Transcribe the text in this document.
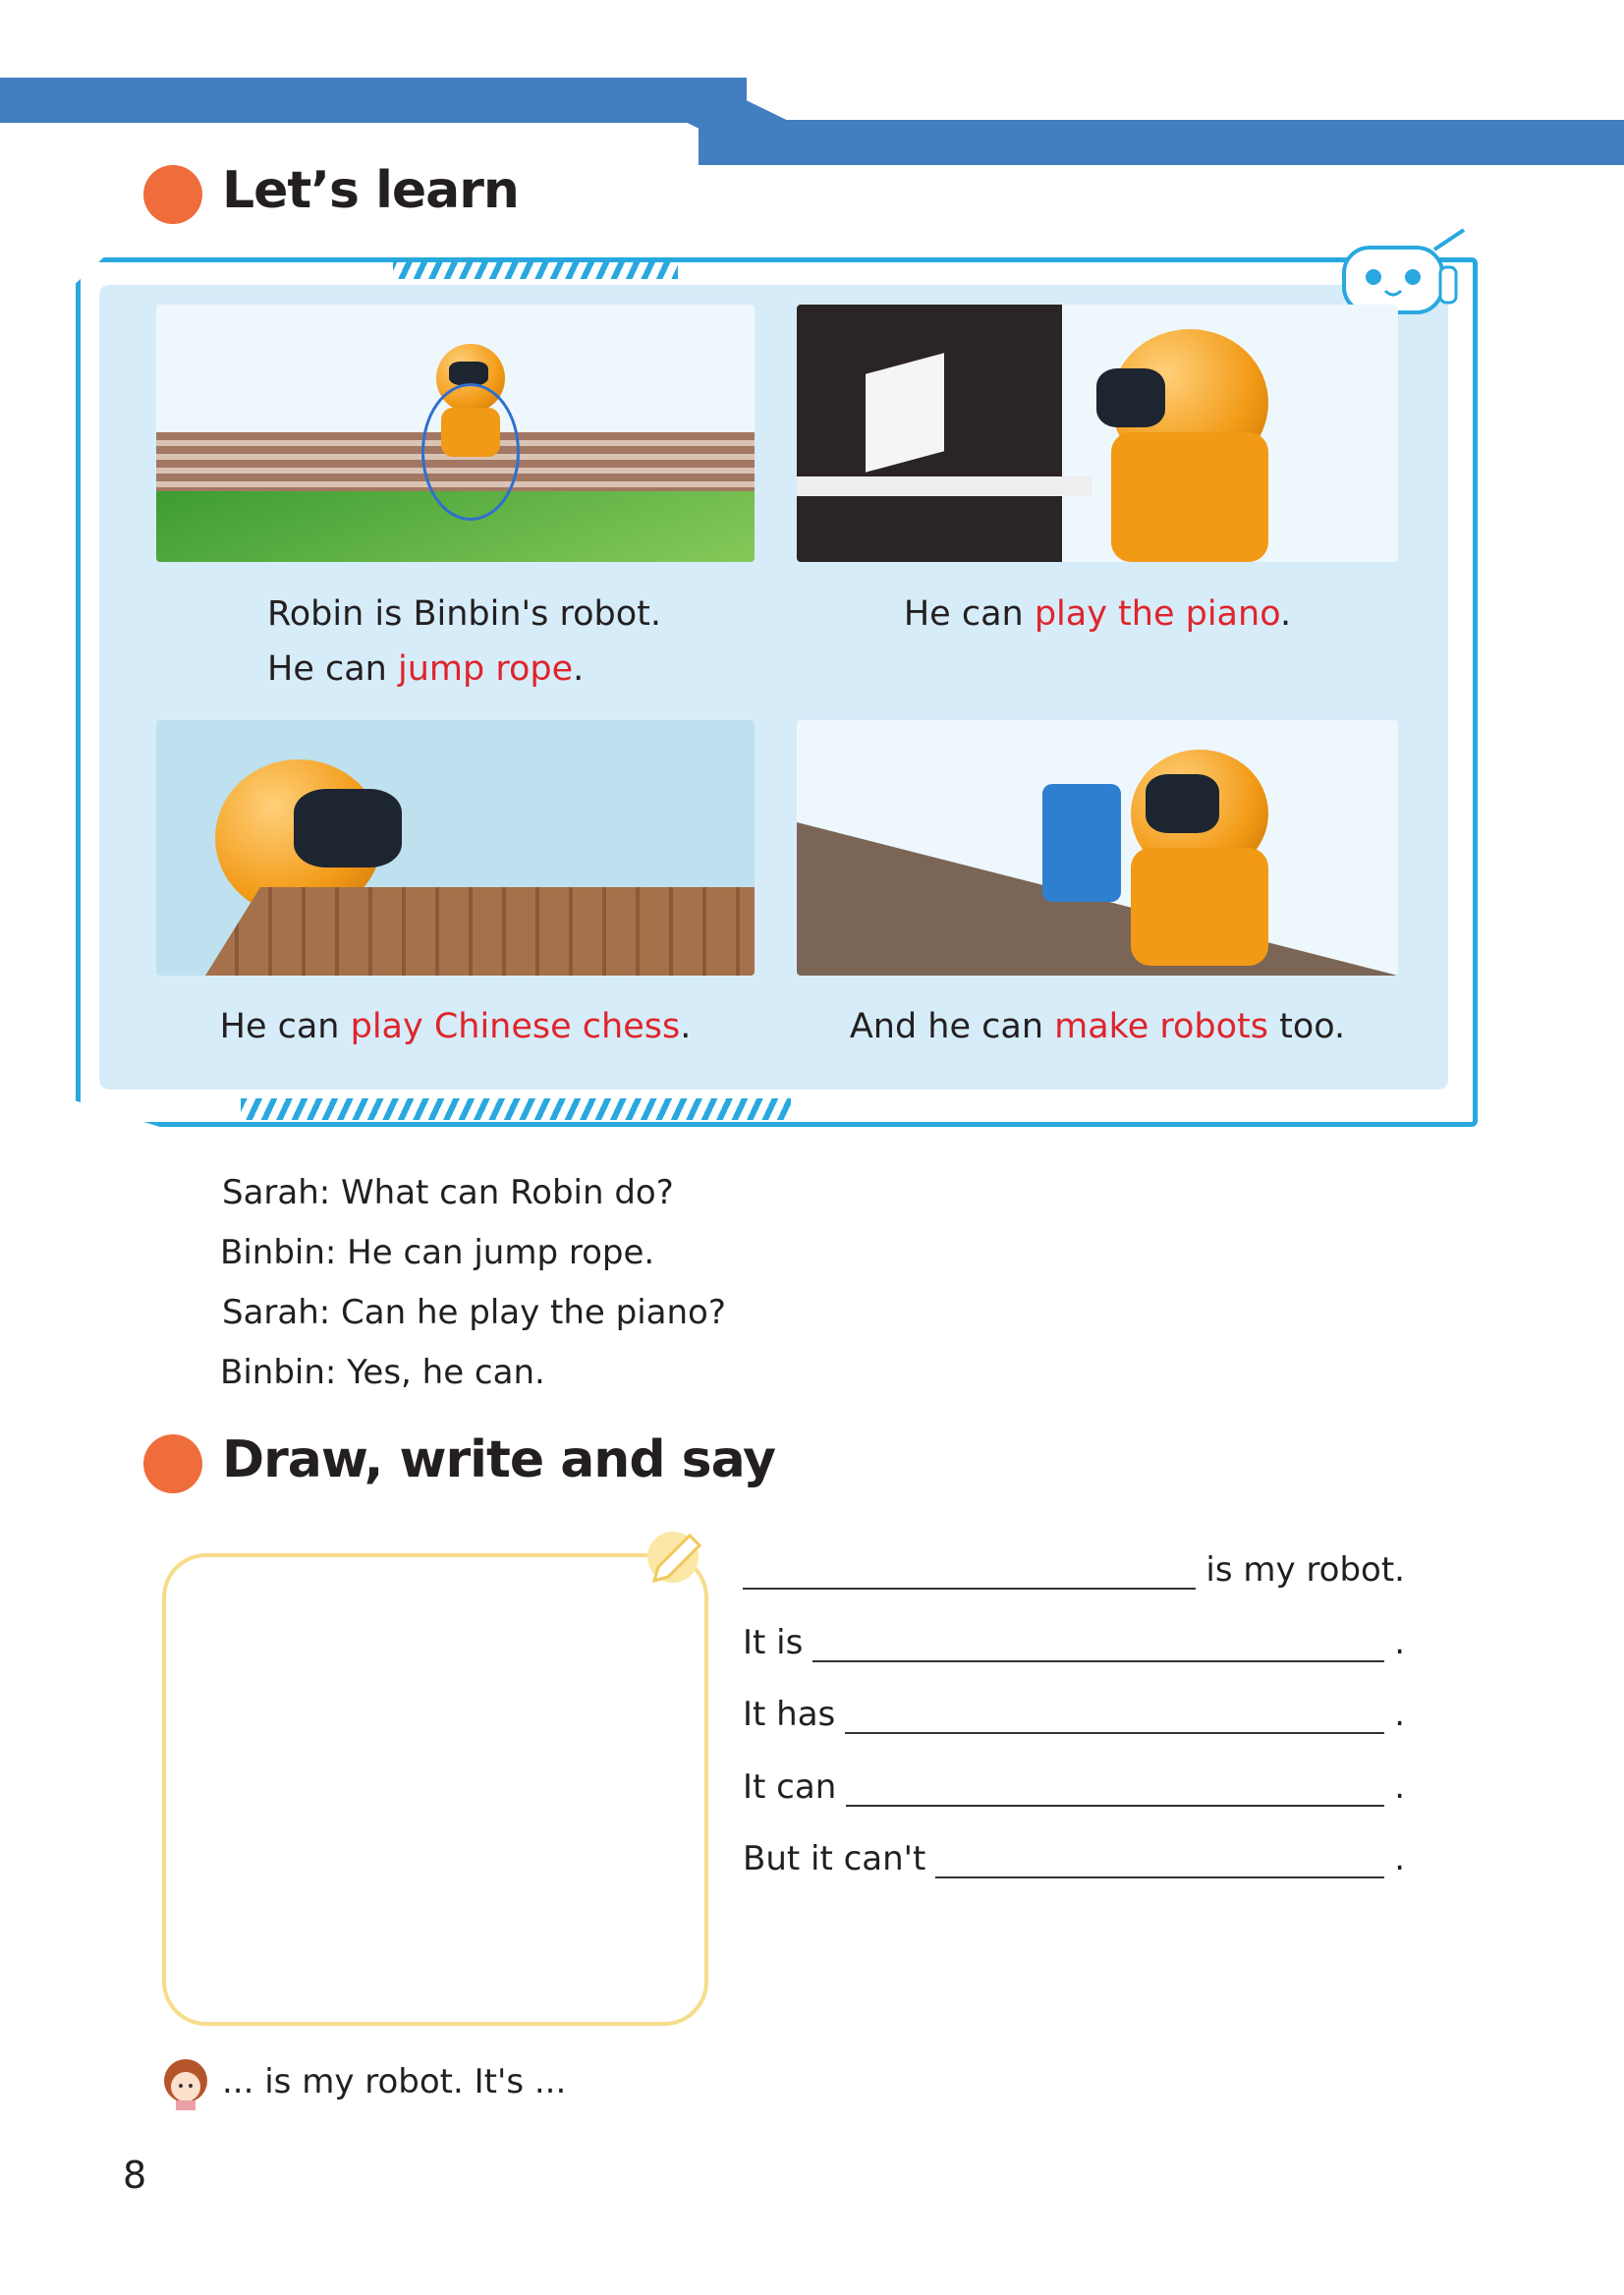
Let’s learn
Robin is Binbin's robot.
He can jump rope.
He can play the piano.
He can play Chinese chess.	And he can make robots too.
Sarah: What can Robin do?
Binbin: He can jump rope.
Sarah: Can he play the piano?
Binbin: Yes, he can.
Draw, write and say
is my robot.
It is	.
It has	.
It can	.
But it can't	.
... is my robot. It's ...
8
